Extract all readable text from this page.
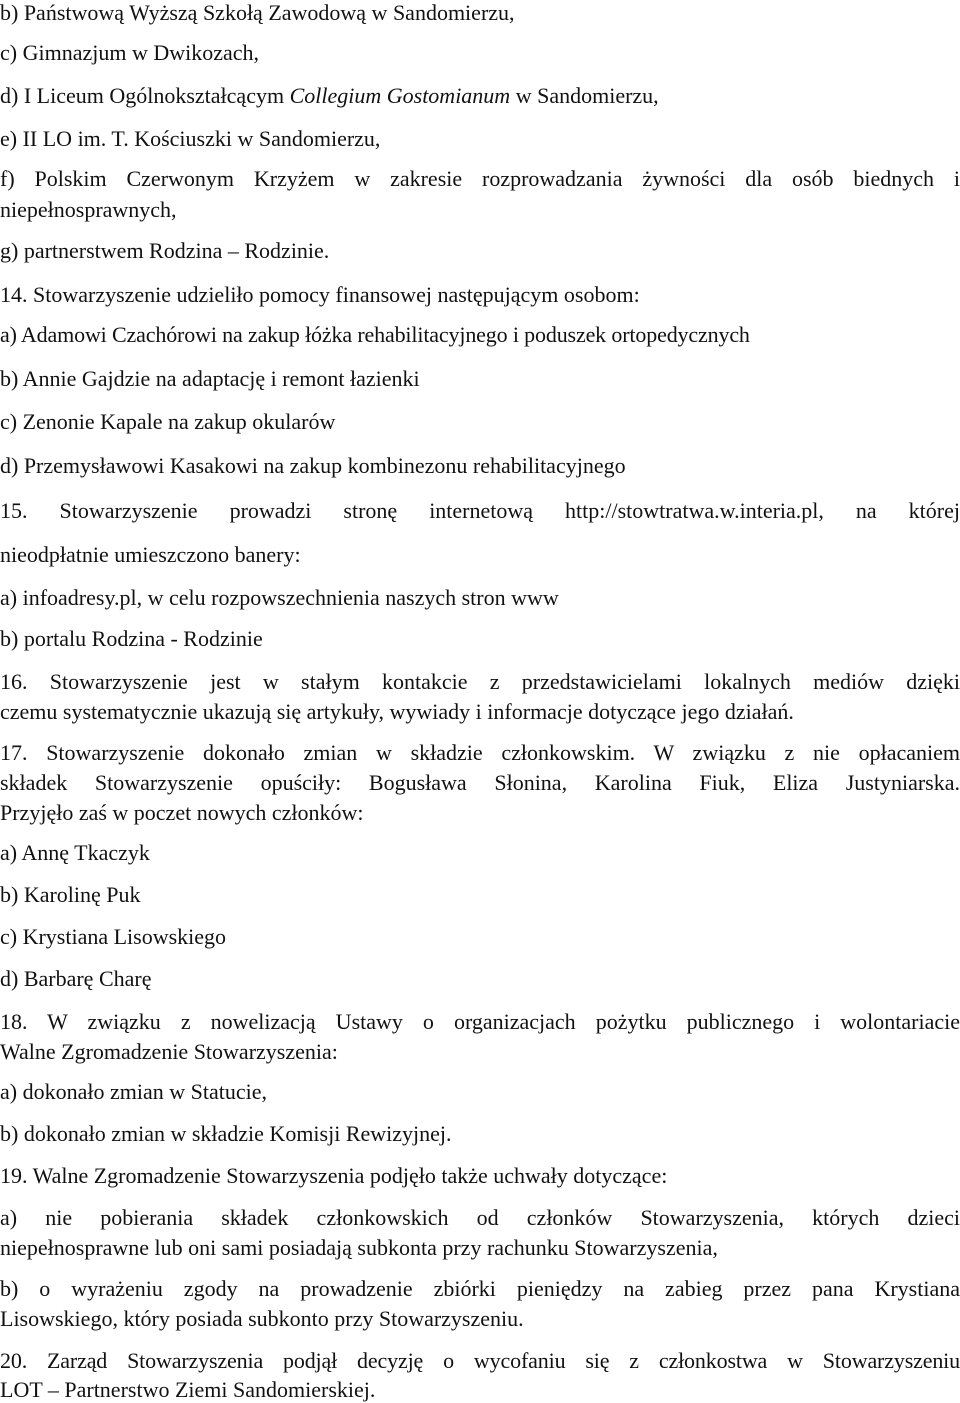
b) Państwową Wyższą Szkołą Zawodową w Sandomierzu,
c) Gimnazjum w Dwikozach,
d) I Liceum Ogólnokształcącym Collegium Gostomianum w Sandomierzu,
e) II LO im. T. Kościuszki w Sandomierzu,
f) Polskim Czerwonym Krzyżem w zakresie rozprowadzania żywności dla osób biednych i
niepełnosprawnych,
g) partnerstwem Rodzina – Rodzinie.
14. Stowarzyszenie udzieliło pomocy finansowej następującym osobom:
a) Adamowi Czachórowi na zakup łóżka rehabilitacyjnego i poduszek ortopedycznych
b) Annie Gajdzie na adaptację i remont łazienki
c) Zenonie Kapale na zakup okularów
d) Przemysławowi Kasakowi na zakup kombinezonu rehabilitacyjnego
15. Stowarzyszenie prowadzi stronę internetową http://stowtratwa.w.interia.pl, na której
nieodpłatnie umieszczono banery:
a) infoadresy.pl, w celu rozpowszechnienia naszych stron www
b) portalu Rodzina - Rodzinie
16. Stowarzyszenie jest w stałym kontakcie z przedstawicielami lokalnych mediów dzięki
czemu systematycznie ukazują się artykuły, wywiady i informacje dotyczące jego działań.
17. Stowarzyszenie dokonało zmian w składzie członkowskim. W związku z nie opłacaniem
składek Stowarzyszenie opuściły: Bogusława Słonina, Karolina Fiuk, Eliza Justyniarska.
Przyjęło zaś w poczet nowych członków:
a) Annę Tkaczyk
b) Karolinę Puk
c) Krystiana Lisowskiego
d) Barbarę Charę
18. W związku z nowelizacją Ustawy o organizacjach pożytku publicznego i wolontariacie
Walne Zgromadzenie Stowarzyszenia:
a) dokonało zmian w Statucie,
b) dokonało zmian w składzie Komisji Rewizyjnej.
19. Walne Zgromadzenie Stowarzyszenia podjęło także uchwały dotyczące:
a) nie pobierania składek członkowskich od członków Stowarzyszenia, których dzieci
niepełnosprawne lub oni sami posiadają subkonta przy rachunku Stowarzyszenia,
b) o wyrażeniu zgody na prowadzenie zbiórki pieniędzy na zabieg przez pana Krystiana
Lisowskiego, który posiada subkonto przy Stowarzyszeniu.
20. Zarząd Stowarzyszenia podjął decyzję o wycofaniu się z członkostwa w Stowarzyszeniu
LOT – Partnerstwo Ziemi Sandomierskiej.
